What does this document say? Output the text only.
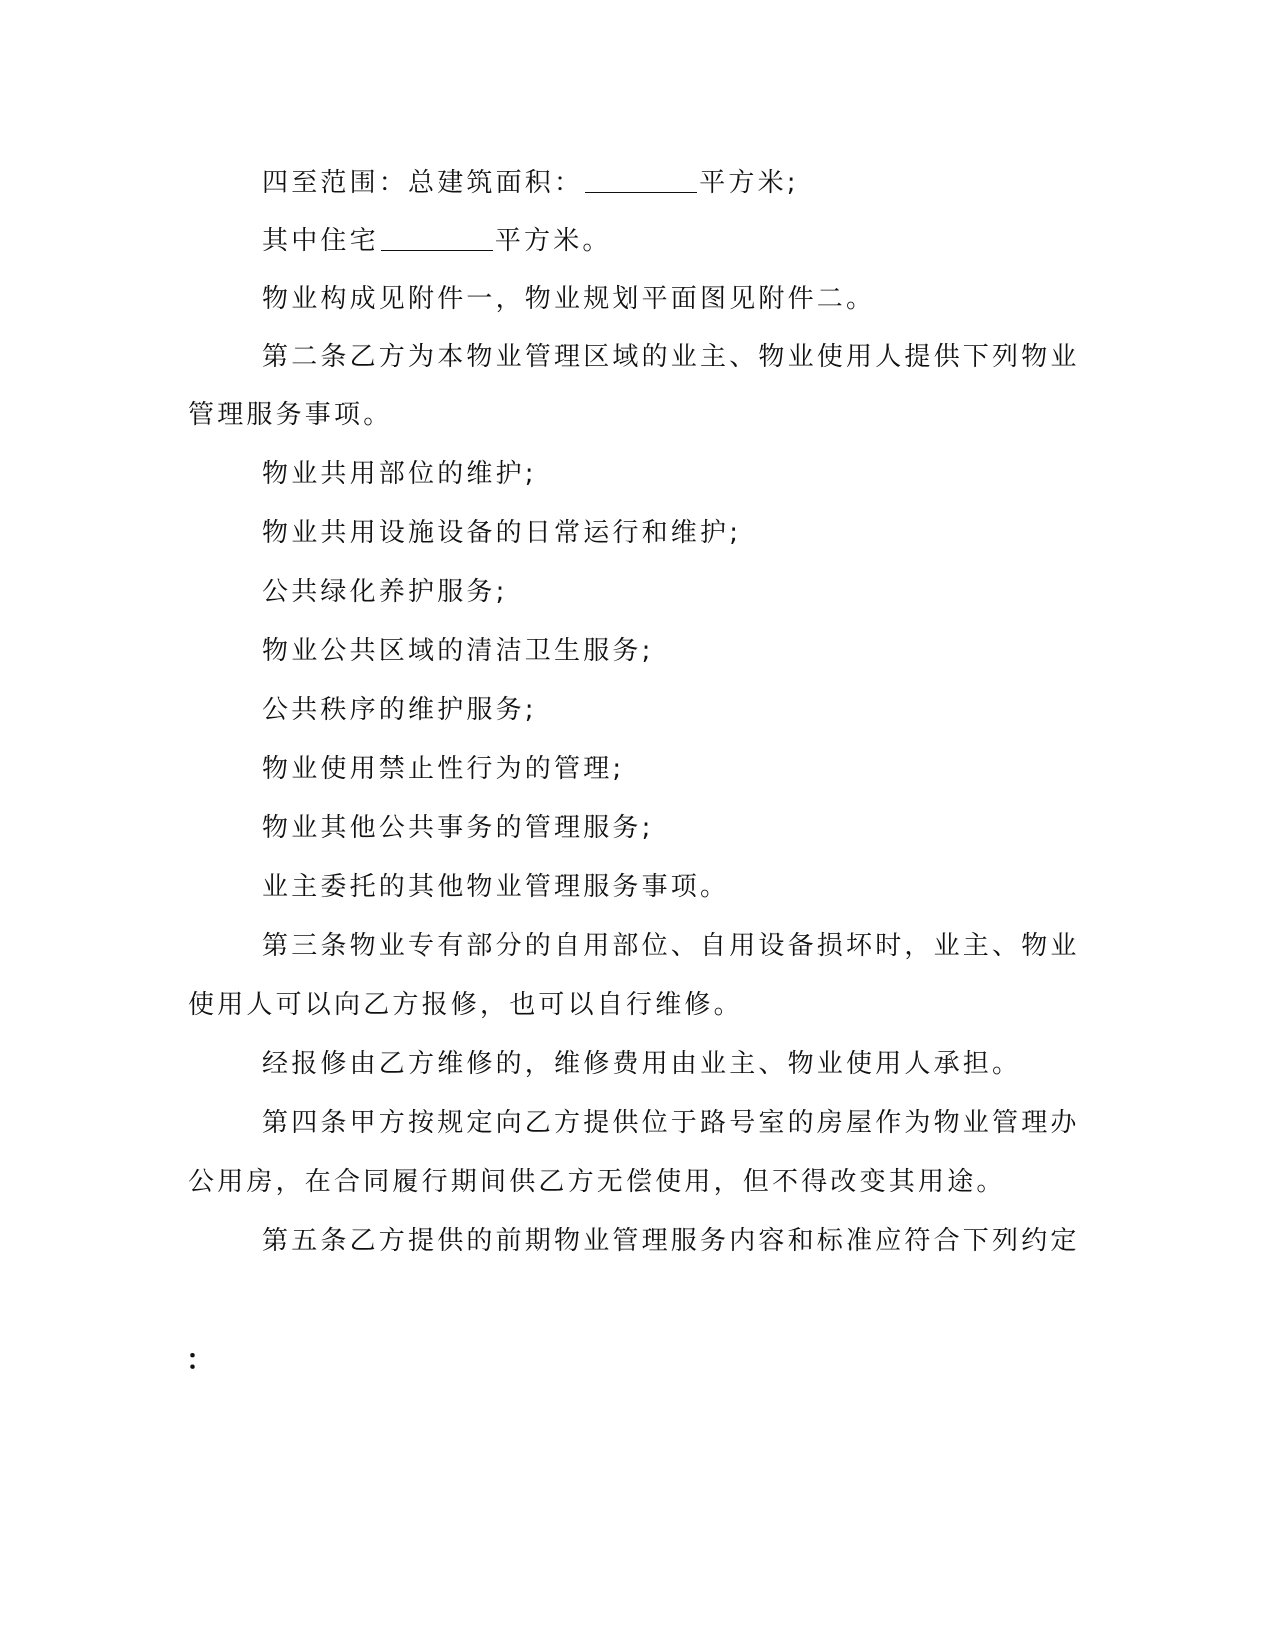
四至范围：总建筑面积：	平方米;
其中住宅	平方米。
物业构成见附件一，物业规划平面图见附件二。
第二条乙方为本物业管理区域的业主、物业使用人提供下列物业
管理服务事项。
物业共用部位的维护;
物业共用设施设备的日常运行和维护;
公共绿化养护服务;
物业公共区域的清洁卫生服务;
公共秩序的维护服务;
物业使用禁止性行为的管理;
物业其他公共事务的管理服务;
业主委托的其他物业管理服务事项。
第三条物业专有部分的自用部位、自用设备损坏时，业主、物业
使用人可以向乙方报修，也可以自行维修。
经报修由乙方维修的，维修费用由业主、物业使用人承担。
第四条甲方按规定向乙方提供位于路号室的房屋作为物业管理办
公用房，在合同履行期间供乙方无偿使用，但不得改变其用途。
第五条乙方提供的前期物业管理服务内容和标准应符合下列约定
：
